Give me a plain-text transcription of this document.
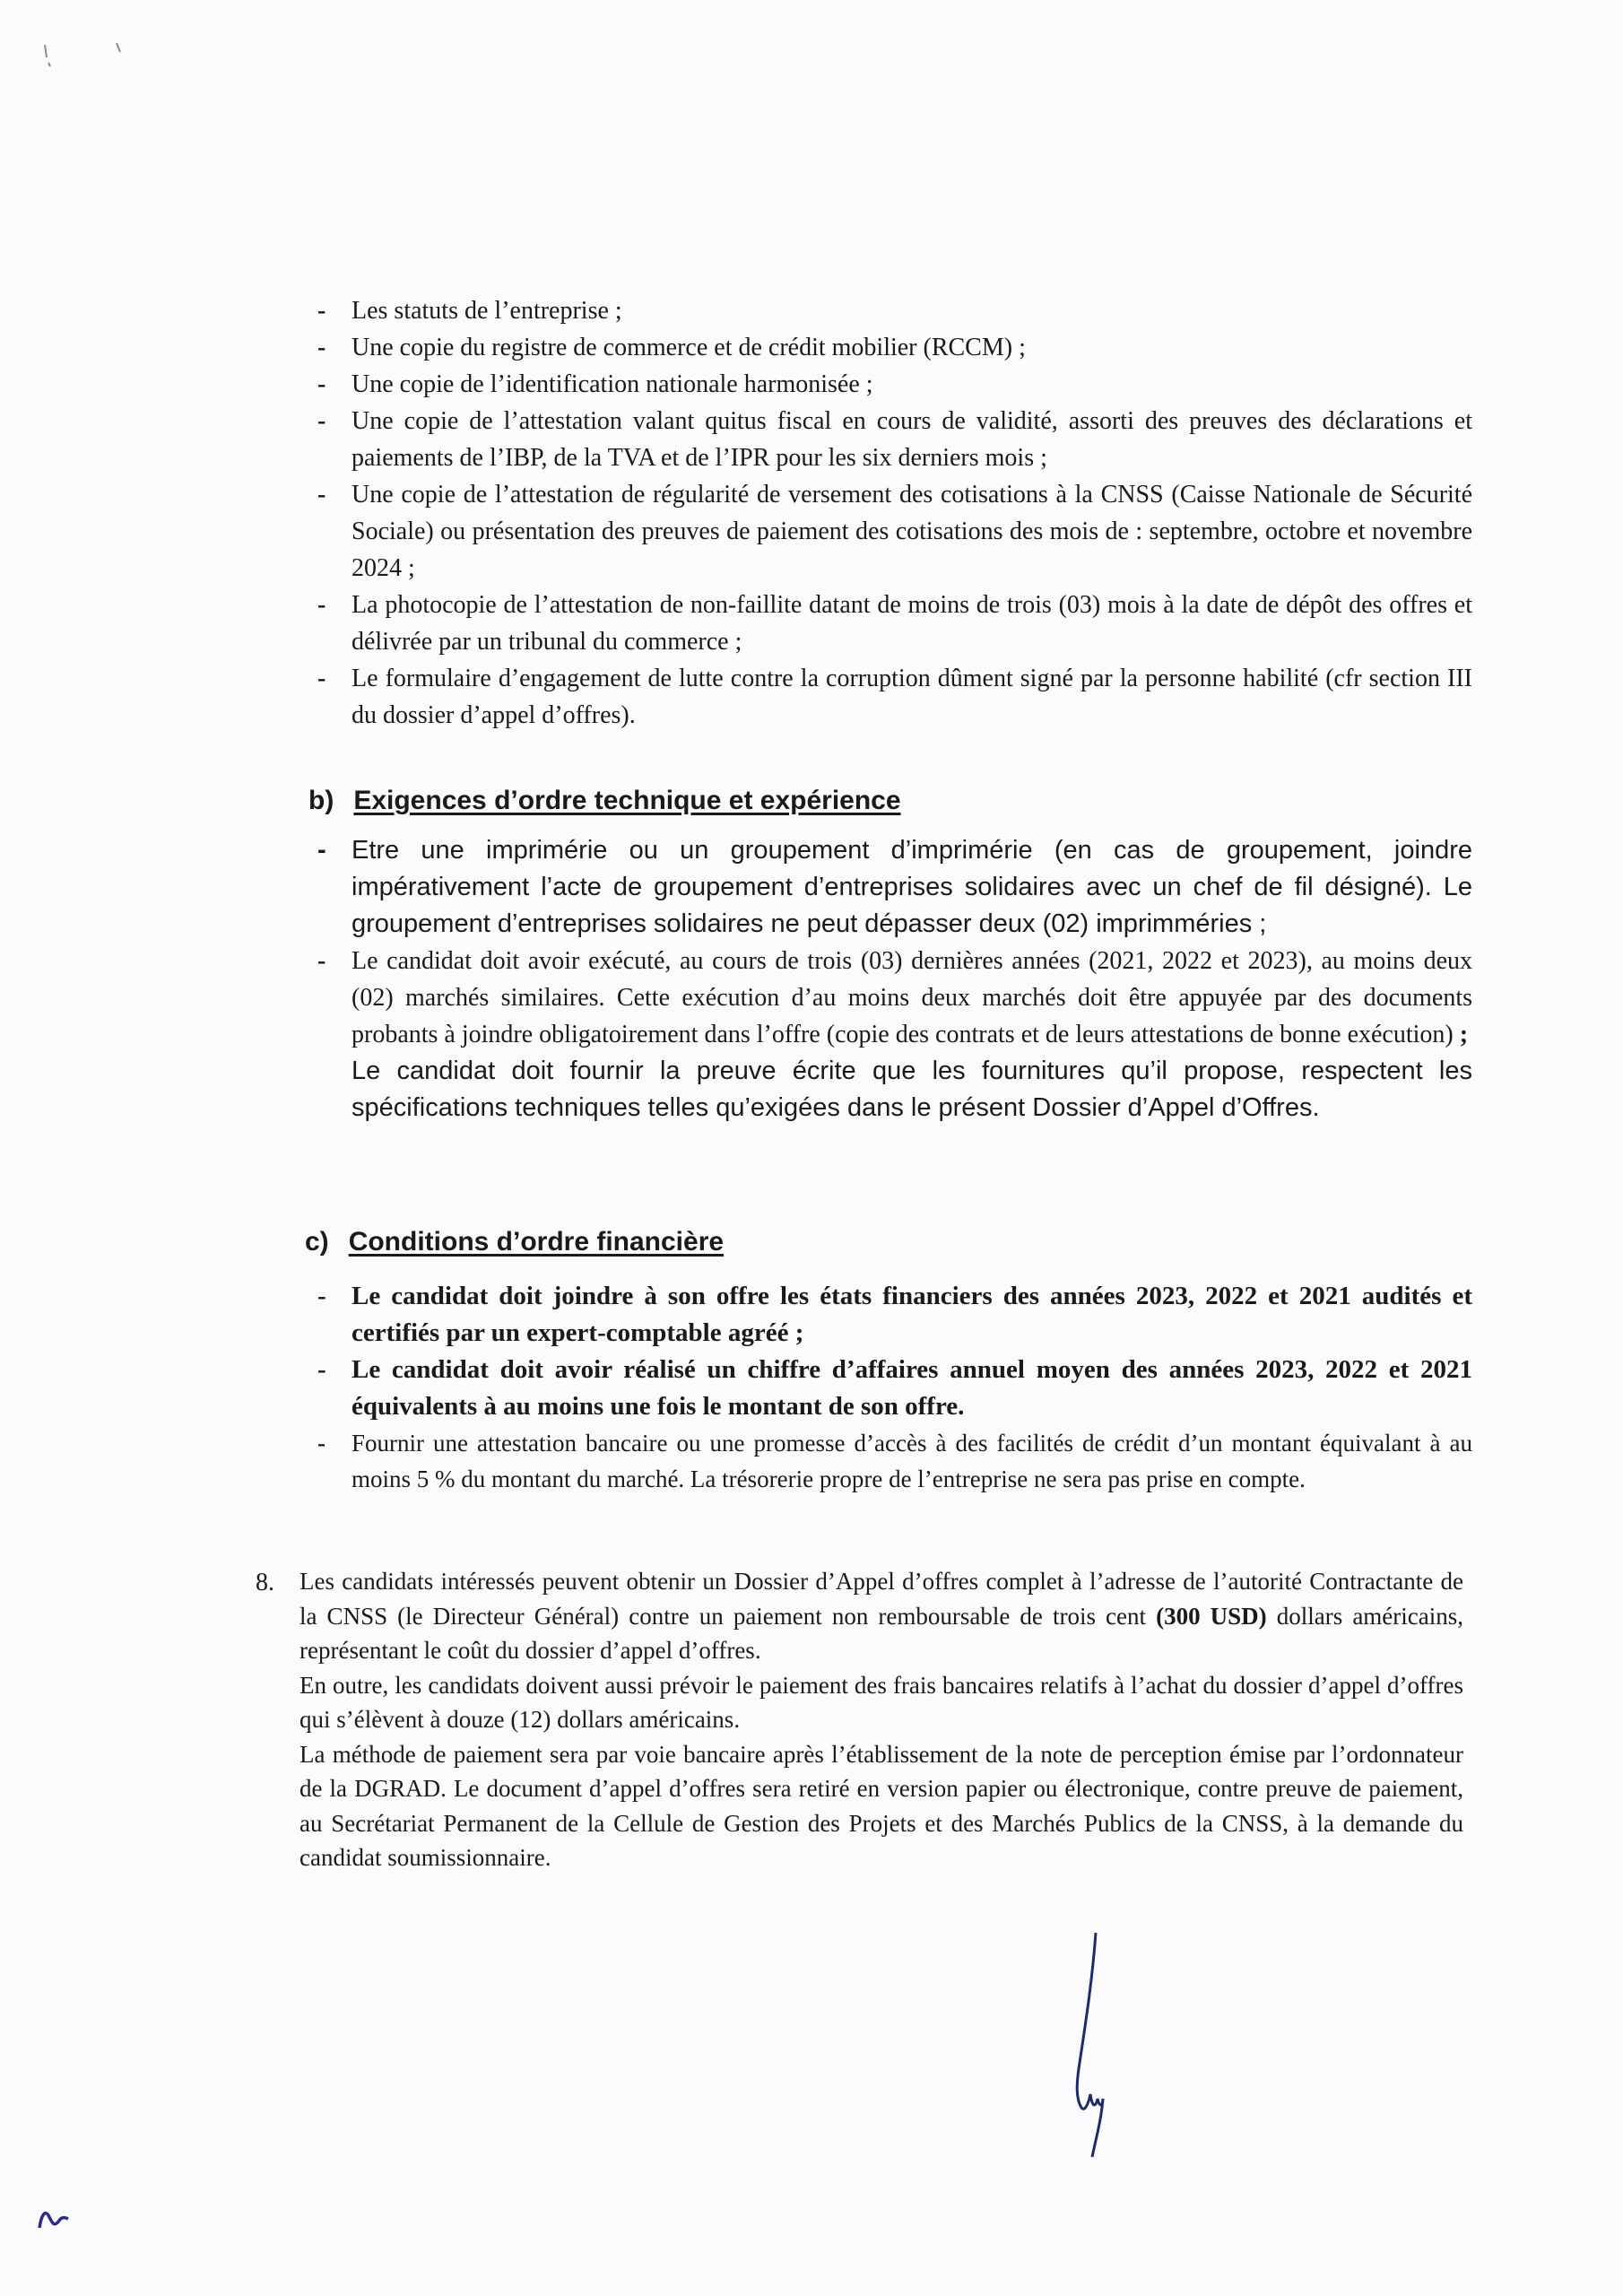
- Les statuts de l’entreprise ;
- Une copie du registre de commerce et de crédit mobilier (RCCM) ;
- Une copie de l’identification nationale harmonisée ;
- Une copie de l’attestation valant quitus fiscal en cours de validité, assorti des preuves des déclarations et paiements de l’IBP, de la TVA et de l’IPR pour les six derniers mois ;
- Une copie de l’attestation de régularité de versement des cotisations à la CNSS (Caisse Nationale de Sécurité Sociale) ou présentation des preuves de paiement des cotisations des mois de : septembre, octobre et novembre 2024 ;
- La photocopie de l’attestation de non-faillite datant de moins de trois (03) mois à la date de dépôt des offres et délivrée par un tribunal du commerce ;
- Le formulaire d’engagement de lutte contre la corruption dûment signé par la personne habilité (cfr section III du dossier d’appel d’offres).
b) Exigences d’ordre technique et expérience
- Etre une imprimérie ou un groupement d’imprimérie (en cas de groupement, joindre impérativement l’acte de groupement d’entreprises solidaires avec un chef de fil désigné). Le groupement d’entreprises solidaires ne peut dépasser deux (02) imprimméries ;
- Le candidat doit avoir exécuté, au cours de trois (03) dernières années (2021, 2022 et 2023), au moins deux (02) marchés similaires. Cette exécution d’au moins deux marchés doit être appuyée par des documents probants à joindre obligatoirement dans l’offre (copie des contrats et de leurs attestations de bonne exécution) ;
Le candidat doit fournir la preuve écrite que les fournitures qu’il propose, respectent les spécifications techniques telles qu’exigées dans le présent Dossier d’Appel d’Offres.
c) Conditions d’ordre financière
- Le candidat doit joindre à son offre les états financiers des années 2023, 2022 et 2021 audités et certifiés par un expert-comptable agréé ;
- Le candidat doit avoir réalisé un chiffre d’affaires annuel moyen des années 2023, 2022 et 2021 équivalents à au moins une fois le montant de son offre.
- Fournir une attestation bancaire ou une promesse d’accès à des facilités de crédit d’un montant équivalant à au moins 5 % du montant du marché. La trésorerie propre de l’entreprise ne sera pas prise en compte.
8. Les candidats intéressés peuvent obtenir un Dossier d’Appel d’offres complet à l’adresse de l’autorité Contractante de la CNSS (le Directeur Général) contre un paiement non remboursable de trois cent (300 USD) dollars américains, représentant le coût du dossier d’appel d’offres.
En outre, les candidats doivent aussi prévoir le paiement des frais bancaires relatifs à l’achat du dossier d’appel d’offres qui s’élèvent à douze (12) dollars américains.
La méthode de paiement sera par voie bancaire après l’établissement de la note de perception émise par l’ordonnateur de la DGRAD. Le document d’appel d’offres sera retiré en version papier ou électronique, contre preuve de paiement, au Secrétariat Permanent de la Cellule de Gestion des Projets et des Marchés Publics de la CNSS, à la demande du candidat soumissionnaire.
